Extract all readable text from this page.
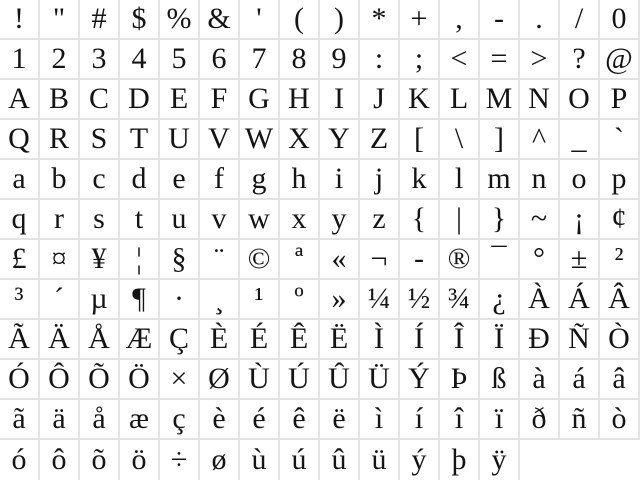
! " # $ % & '	(	) * + ,	-	.	/ 0
1 2 3 4 5 6 7 8 9 :	; < = > ? @
A B C D E F G H I J K L M N O P
Q R S T U V W X Y Z [	\	] ^ _ `
a b c d e f g h i	j k l m n o p
q r s t u v w x y z { | } ~ ¡ ¢
£ ¤ ¥ ¦ § ¨ © ª « ¬ - ® ¯ ° ± ²
³	´ µ ¶ ·	¸	¹	º » ¼ ½ ¾ ¿ À Á Â
Ã Ä Å Æ Ç È É Ê Ë Ì	Í	Î	Ï Ð Ñ Ò
Ó Ô Õ Ö × Ø Ù Ú Û Ü Ý Þ ß à á â
ã ä å æ ç è é ê ë ì	í	î	ï ð ñ ò
ó ô õ ö ÷ ø ù ú û ü ý þ ÿ
